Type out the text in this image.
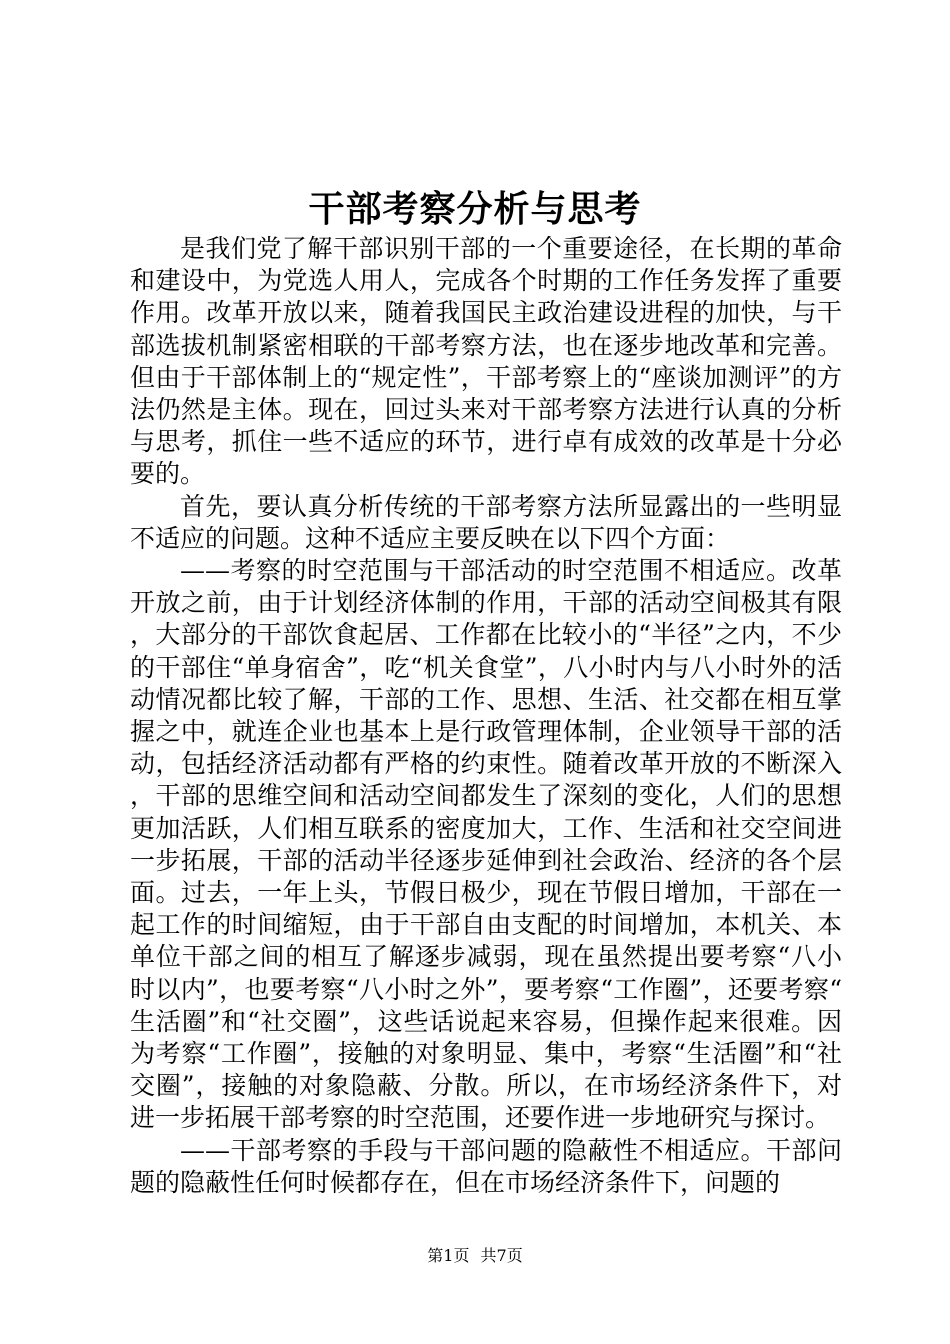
干部考察分析与思考

是我们党了解干部识别干部的一个重要途径，在长期的革命和建设中，为党选人用人，完成各个时期的工作任务发挥了重要作用。改革开放以来，随着我国民主政治建设进程的加快，与干部选拔机制紧密相联的干部考察方法，也在逐步地改革和完善。但由于干部体制上的“规定性”，干部考察上的“座谈加测评”的方法仍然是主体。现在，回过头来对干部考察方法进行认真的分析与思考，抓住一些不适应的环节，进行卓有成效的改革是十分必要的。

首先，要认真分析传统的干部考察方法所显露出的一些明显不适应的问题。这种不适应主要反映在以下四个方面：

——考察的时空范围与干部活动的时空范围不相适应。改革开放之前，由于计划经济体制的作用，干部的活动空间极其有限，大部分的干部饮食起居、工作都在比较小的“半径”之内，不少的干部住“单身宿舍”，吃“机关食堂”，八小时内与八小时外的活动情况都比较了解，干部的工作、思想、生活、社交都在相互掌握之中，就连企业也基本上是行政管理体制，企业领导干部的活动，包括经济活动都有严格的约束性。随着改革开放的不断深入，干部的思维空间和活动空间都发生了深刻的变化，人们的思想更加活跃，人们相互联系的密度加大，工作、生活和社交空间进一步拓展，干部的活动半径逐步延伸到社会政治、经济的各个层面。过去，一年上头，节假日极少，现在节假日增加，干部在一起工作的时间缩短，由于干部自由支配的时间增加，本机关、本单位干部之间的相互了解逐步减弱，现在虽然提出要考察“八小时以内”，也要考察“八小时之外”，要考察“工作圈”，还要考察“生活圈”和“社交圈”，这些话说起来容易，但操作起来很难。因为考察“工作圈”，接触的对象明显、集中，考察“生活圈”和“社交圈”，接触的对象隐蔽、分散。所以，在市场经济条件下，对进一步拓展干部考察的时空范围，还要作进一步地研究与探讨。

——干部考察的手段与干部问题的隐蔽性不相适应。干部问题的隐蔽性任何时候都存在，但在市场经济条件下，问题的

第1页 共7页
